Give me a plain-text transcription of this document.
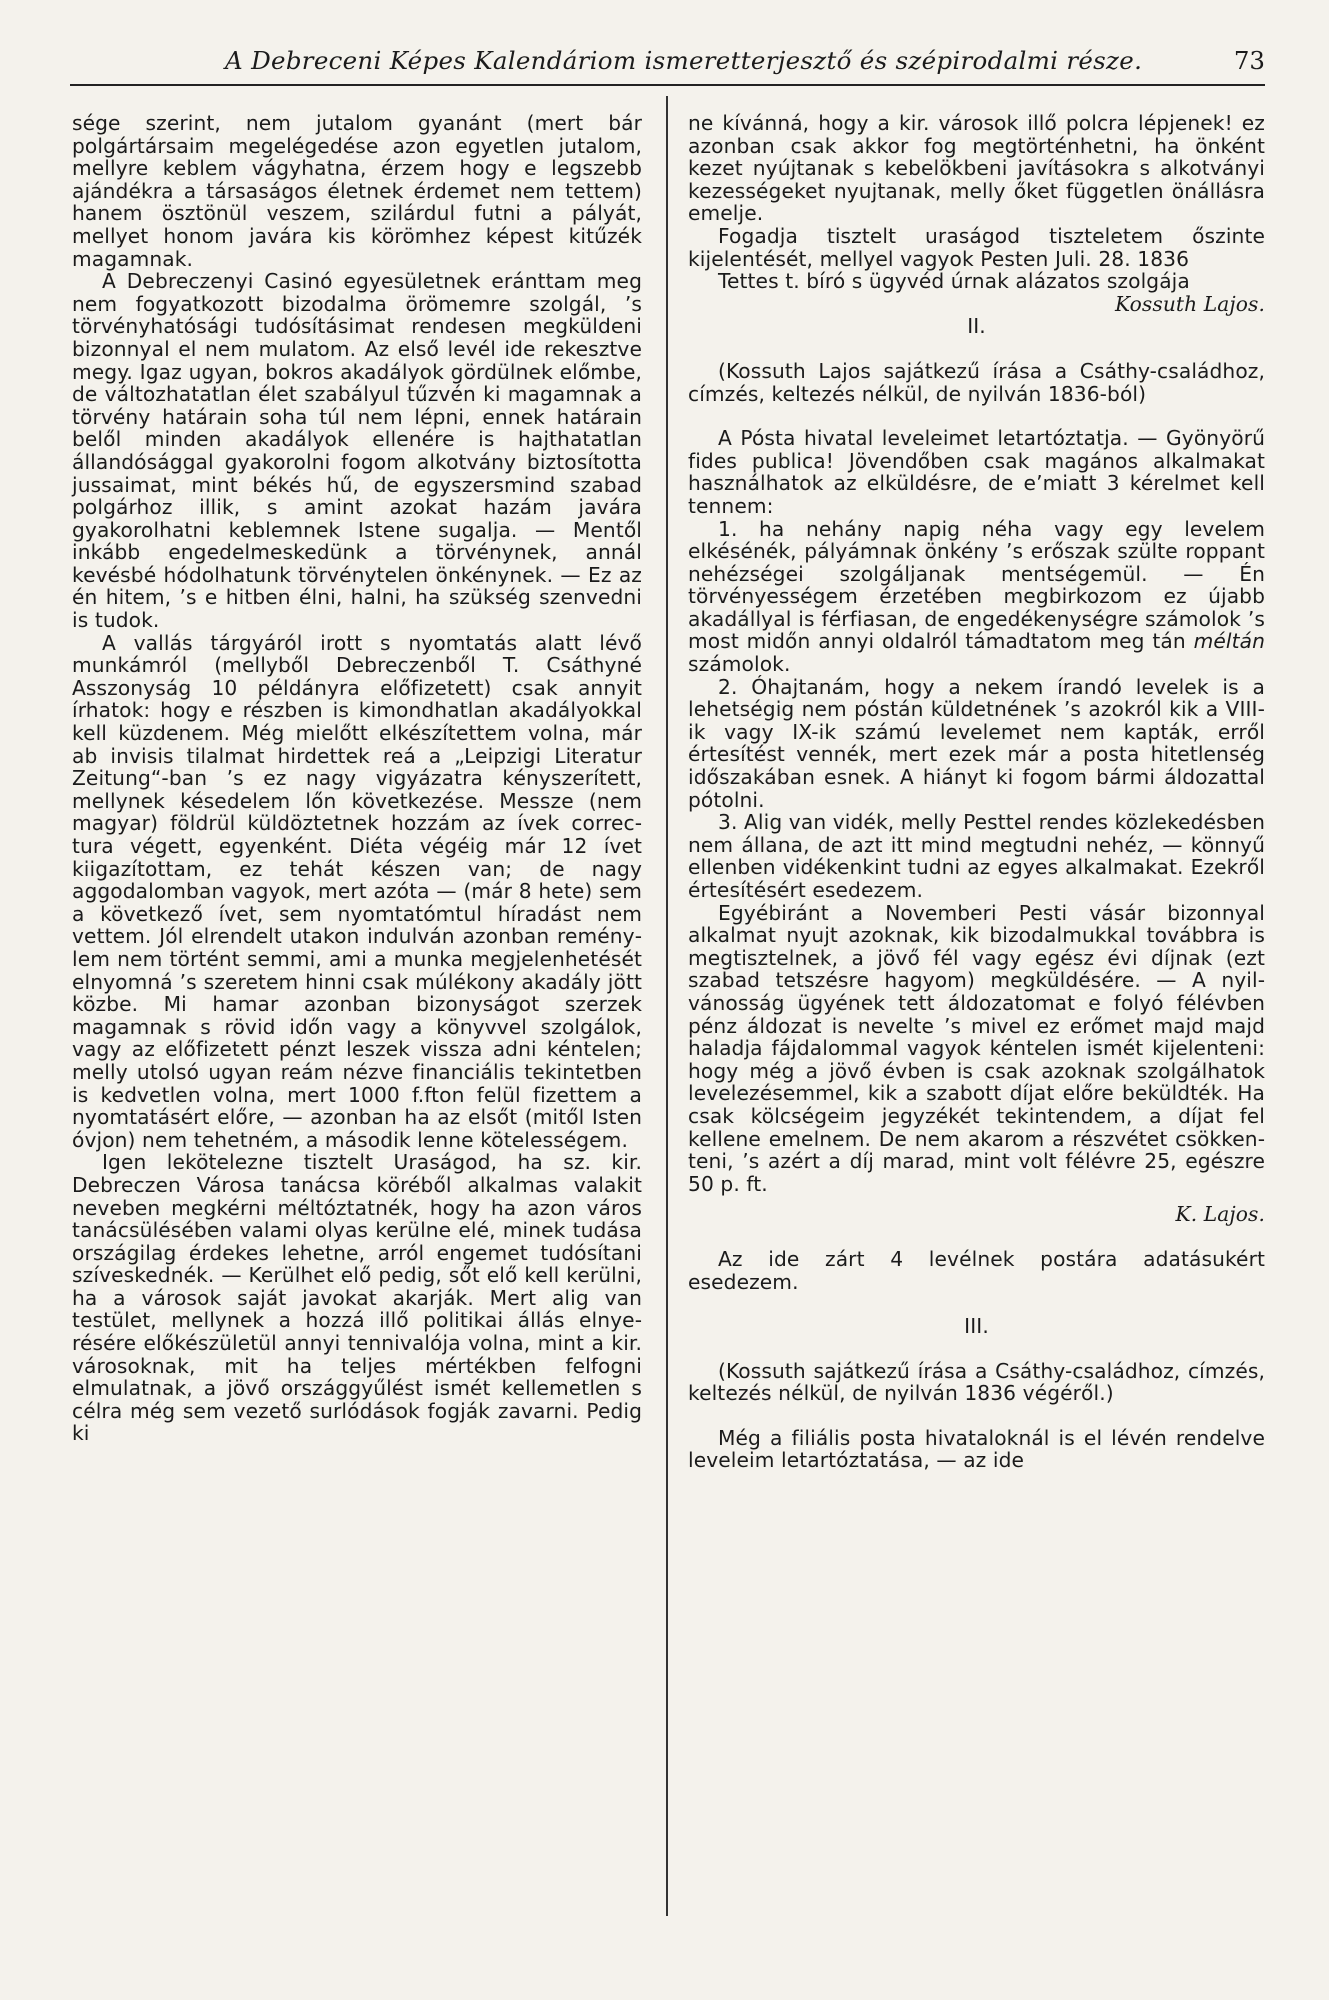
A Debreceni Képes Kalendáriom ismeretterjesztő és szépirodalmi része.	73

sége szerint, nem jutalom gyanánt (mert bár polgártársaim megelégedése azon egyetlen jutalom, mellyre keblem vágyhatna, érzem hogy e legszebb ajándékra a társaságos életnek érdemet nem tettem) hanem ösztönül veszem, szilárdul futni a pályát, mellyet honom javára kis körömhez képest kitűzék magamnak.

A Debreczenyi Casinó egyesületnek eránttam meg nem fogyatkozott bizodalma örömemre szolgál, ’s törvényhatósági tudósításimat rendesen megküldeni bizonnyal el nem mulatom. Az első levél ide rekesztve megy. Igaz ugyan, bokros akadályok gördülnek előmbe, de változhatatlan élet szabályul tűzvén ki magamnak a törvény határain soha túl nem lépni, ennek határain belől minden akadályok ellenére is hajthatatlan állandósággal gyakorolni fogom alkotvány biztosította jussaimat, mint békés hű, de egyszersmind szabad polgárhoz illik, s amint azokat hazám javára gyakorolhatni keblemnek Istene sugalja. — Mentől inkább engedelmeskedünk a törvénynek, annál kevésbé hódolhatunk törvénytelen önkénynek. — Ez az én hitem, ’s e hitben élni, halni, ha szükség szenvedni is tudok.

A vallás tárgyáról irott s nyomtatás alatt lévő munkámról (mellyből Debreczenből T. Csáthyné Asszonyság 10 példányra előfizetett) csak annyit írhatok: hogy e részben is kimondhatlan akadályokkal kell küzdenem. Még mielőtt elkészítettem volna, már ab invisis tilalmat hirdettek reá a „Leipzigi Literatur Zeitung“-ban ’s ez nagy vigyázatra kényszerített, mellynek késedelem lőn következése. Messze (nem magyar) földrül küldöztetnek hozzám az ívek correctura végett, egyenként. Diéta végéig már 12 ívet kiigazítottam, ez tehát készen van; de nagy aggodalomban vagyok, mert azóta — (már 8 hete) sem a következő ívet, sem nyomtatómtul híradást nem vettem. Jól elrendelt utakon indulván azonban reménylem nem történt semmi, ami a munka megjelenhetését elnyomná ’s szeretem hinni csak múlékony akadály jött közbe. Mi hamar azonban bizonyságot szerzek magamnak s rövid időn vagy a könyvvel szolgálok, vagy az előfizetett pénzt leszek vissza adni kéntelen; melly utolsó ugyan reám nézve financiális tekintetben is kedvetlen volna, mert 1000 f.fton felül fizettem a nyomtatásért előre, — azonban ha az elsőt (mitől Isten óvjon) nem tehetném, a második lenne kötelességem.

Igen lekötelezne tisztelt Uraságod, ha sz. kir. Debreczen Városa tanácsa köréből alkalmas valakit neveben megkérni méltóztatnék, hogy ha azon város tanácsülésében valami olyas kerülne elé, minek tudása országilag érdekes lehetne, arról engemet tudósítani szíveskednék. — Kerülhet elő pedig, sőt elő kell kerülni, ha a városok saját javokat akarják. Mert alig van testület, mellynek a hozzá illő politikai állás elnyerésére előkészületül annyi tennivalója volna, mint a kir. városoknak, mit ha teljes mértékben felfogni elmulatnak, a jövő országgyűlést ismét kellemetlen s célra még sem vezető surlódások fogják zavarni. Pedig ki

ne kívánná, hogy a kir. városok illő polcra lépjenek! ez azonban csak akkor fog megtörténhetni, ha önként kezet nyújtanak s kebelökbeni javításokra s alkotványi kezességeket nyujtanak, melly őket független önállásra emelje.

Fogadja tisztelt uraságod tiszteletem őszinte kijelentését, mellyel vagyok Pesten Juli. 28. 1836

Tettes t. bíró s ügyvéd úrnak alázatos szolgája

Kossuth Lajos.

II.

(Kossuth Lajos sajátkezű írása a Csáthy-családhoz, címzés, keltezés nélkül, de nyilván 1836-ból)

A Pósta hivatal leveleimet letartóztatja. — Gyönyörű fides publica! Jövendőben csak magános alkalmakat használhatok az elküldésre, de e’miatt 3 kérelmet kell tennem:

1. ha nehány napig néha vagy egy levelem elkésénék, pályámnak önkény ’s erőszak szülte roppant nehézségei szolgáljanak mentségemül. — Én törvényességem érzetében megbirkozom ez újabb akadállyal is férfiasan, de engedékenységre számolok ’s most midőn annyi oldalról támadtatom meg tán méltán számolok.

2. Óhajtanám, hogy a nekem írandó levelek is a lehetségig nem póstán küldetnének ’s azokról kik a VIII-ik vagy IX-ik számú levelemet nem kapták, erről értesítést vennék, mert ezek már a posta hitetlenség időszakában esnek. A hiányt ki fogom bármi áldozattal pótolni.

3. Alig van vidék, melly Pesttel rendes közlekedésben nem állana, de azt itt mind megtudni nehéz, — könnyű ellenben vidékenkint tudni az egyes alkalmakat. Ezekről értesítésért esedezem.

Egyébiránt a Novemberi Pesti vásár bizonnyal alkalmat nyujt azoknak, kik bizodalmukkal továbbra is megtisztelnek, a jövő fél vagy egész évi díjnak (ezt szabad tetszésre hagyom) megküldésére. — A nyilvánosság ügyének tett áldozatomat e folyó félévben pénz áldozat is nevelte ’s mivel ez erőmet majd majd haladja fájdalommal vagyok kéntelen ismét kijelenteni: hogy még a jövő évben is csak azoknak szolgálhatok levelezésemmel, kik a szabott díjat előre beküldték. Ha csak kölcségeim jegyzékét tekintendem, a díjat fel kellene emelnem. De nem akarom a részvétet csökkenteni, ’s azért a díj marad, mint volt félévre 25, egészre 50 p. ft.

K. Lajos.

Az ide zárt 4 levélnek postára adatásukért esedezem.

III.

(Kossuth sajátkezű írása a Csáthy-családhoz, címzés, keltezés nélkül, de nyilván 1836 végéről.)

Még a filiális posta hivataloknál is el lévén rendelve leveleim letartóztatása, — az ide
